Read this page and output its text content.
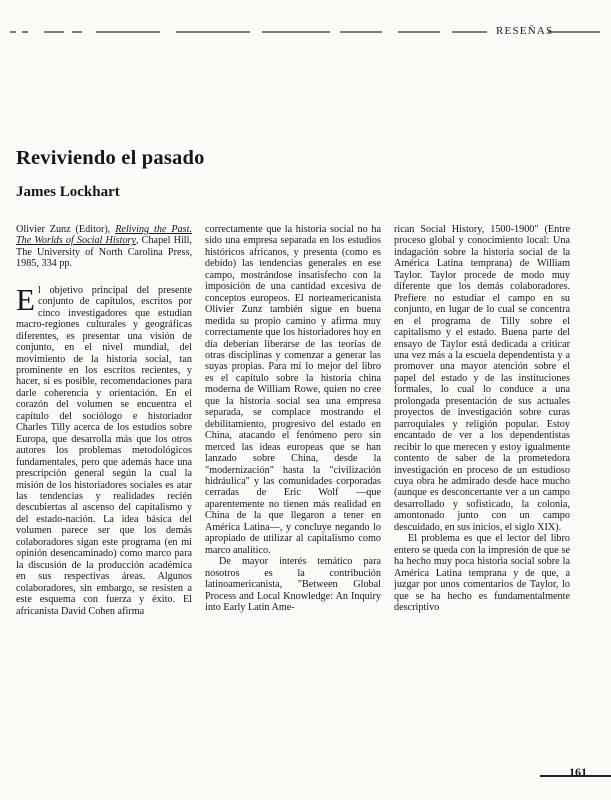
RESEÑAS
Reviviendo el pasado
James Lockhart

Olivier Zunz (Editor), Reliving the Past. The Worlds of Social History, Chapel Hill, The University of North Carolina Press, 1985, 334 pp.

El objetivo principal del presente conjunto de capítulos, escritos por cinco investigadores que estudian macro-regiones culturales y geográficas diferentes, es presentar una visión de conjunto, en el nivel mundial, del movimiento de la historia social, tan prominente en los escritos recientes, y hacer, si es posible, recomendaciones para darle coherencia y orientación. En el corazón del volumen se encuentra el capítulo del sociólogo e historiador Charles Tilly acerca de los estudios sobre Europa, que desarrolla más que los otros autores los problemas metodológicos fundamentales, pero que además hace una prescripción general según la cual la misión de los historiadores sociales es atar las tendencias y realidades recién descubiertas al ascenso del capitalismo y del estado-nación. La idea básica del volumen parece ser que los demás colaboradores sigan este programa (en mi opinión desencaminado) como marco para la discusión de la producción académica en sus respectivas áreas. Algunos colaboradores, sin embargo, se resisten a este esquema con fuerza y éxito. El africanista David Cohen afirma

correctamente que la historia social no ha sido una empresa separada en los estudios históricos africanos, y presenta (como es debido) las tendencias generales en ese campo, mostrándose insatisfecho con la imposición de una cantidad excesiva de conceptos europeos. El norteamericanista Olivier Zunz también sigue en buena medida su propio camino y afirma muy correctamente que los historiadores hoy en día deberían liberarse de las teorías de otras disciplinas y comenzar a generar las suyas propias. Para mí lo mejor del libro es el capítulo sobre la historia china moderna de William Rowe, quien no cree que la historia social sea una empresa separada, se complace mostrando el debilitamiento, progresivo del estado en China, atacando el fenómeno pero sin merced las ideas europeas que se han lanzado sobre China, desde la "modernización" hasta la "civilización hidráulica" y las comunidades corporadas cerradas de Eric Wolf —que aparentemente no tienen más realidad en China de la que llegaron a tener en América Latina—, y concluye negando lo apropiado de utilizar al capitalismo como marco analítico.

De mayor interés temático para nosotros es la contribución latinoamericanista, "Between Global Process and Local Knowledge: An Inquiry into Early Latin Ame-

rican Social History, 1500-1900" (Entre proceso global y conocimiento local: Una indagación sobre la historia social de la América Latina temprana) de William Taylor. Taylor procede de modo muy diferente que los demás colaboradores. Prefiere no estudiar el campo en su conjunto, en lugar de lo cual se concentra en el programa de Tilly sobre el capitalismo y el estado. Buena parte del ensayo de Taylor está dedicada a criticar una vez más a la escuela dependentista y a promover una mayor atención sobre el papel del estado y de las instituciones formales, lo cual lo conduce a una prolongada presentación de sus actuales proyectos de investigación sobre curas parroquiales y religión popular. Estoy encantado de ver a los dependentistas recibir lo que merecen y estoy igualmente contento de saber de la prometedora investigación en proceso de un estudioso cuya obra he admirado desde hace mucho (aunque es desconcertante ver a un campo desarrollado y sofisticado, la colonia, amontonado junto con un campo descuidado, en sus inicios, el siglo XIX).

El problema es que el lector del libro entero se queda con la impresión de que se ha hecho muy poca historia social sobre la América Latina temprana y de que, a juzgar por unos comentarios de Taylor, lo que se ha hecho es fundamentalmente descriptivo

161
